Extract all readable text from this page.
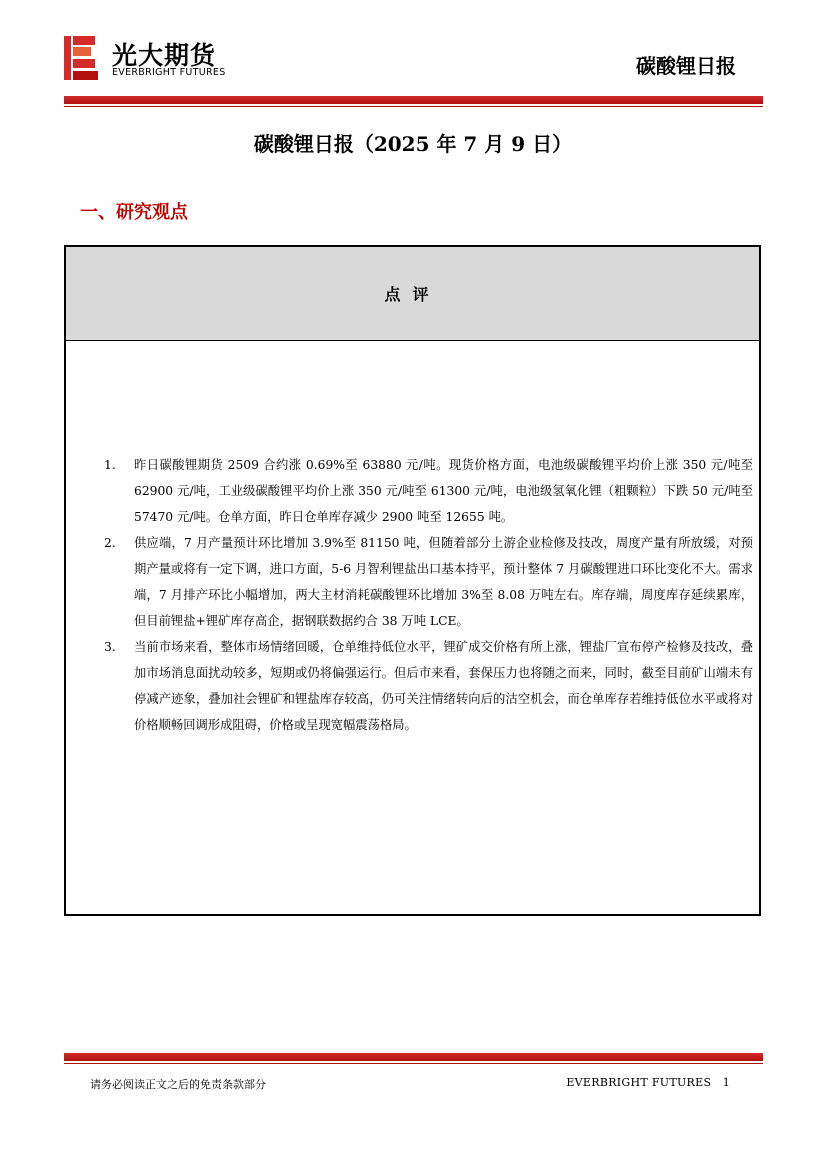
光大期货
EVERBRIGHT FUTURES	碳酸锂日报
碳酸锂日报（2025 年 7 月 9 日）
一、研究观点
点评
1. 昨日碳酸锂期货 2509 合约涨 0.69%至 63880 元/吨。现货价格方面，电池级碳酸锂平均价上涨 350 元/吨至 62900 元/吨，工业级碳酸锂平均价上涨 350 元/吨至 61300 元/吨，电池级氢氧化锂（粗颗粒）下跌 50 元/吨至 57470 元/吨。仓单方面，昨日仓单库存减少 2900 吨至 12655 吨。
2. 供应端，7 月产量预计环比增加 3.9%至 81150 吨，但随着部分上游企业检修及技改，周度产量有所放缓，对预期产量或将有一定下调，进口方面，5-6 月智利锂盐出口基本持平，预计整体 7 月碳酸锂进口环比变化不大。需求端，7 月排产环比小幅增加，两大主材消耗碳酸锂环比增加 3%至 8.08 万吨左右。库存端，周度库存延续累库，但目前锂盐+锂矿库存高企，据钢联数据约合 38 万吨 LCE。
3. 当前市场来看，整体市场情绪回暖，仓单维持低位水平，锂矿成交价格有所上涨，锂盐厂宣布停产检修及技改，叠加市场消息面扰动较多，短期或仍将偏强运行。但后市来看，套保压力也将随之而来，同时，截至目前矿山端未有停减产迹象，叠加社会锂矿和锂盐库存较高，仍可关注情绪转向后的沽空机会，而仓单库存若维持低位水平或将对价格顺畅回调形成阻碍，价格或呈现宽幅震荡格局。
请务必阅读正文之后的免责条款部分	EVERBRIGHT FUTURES 1
